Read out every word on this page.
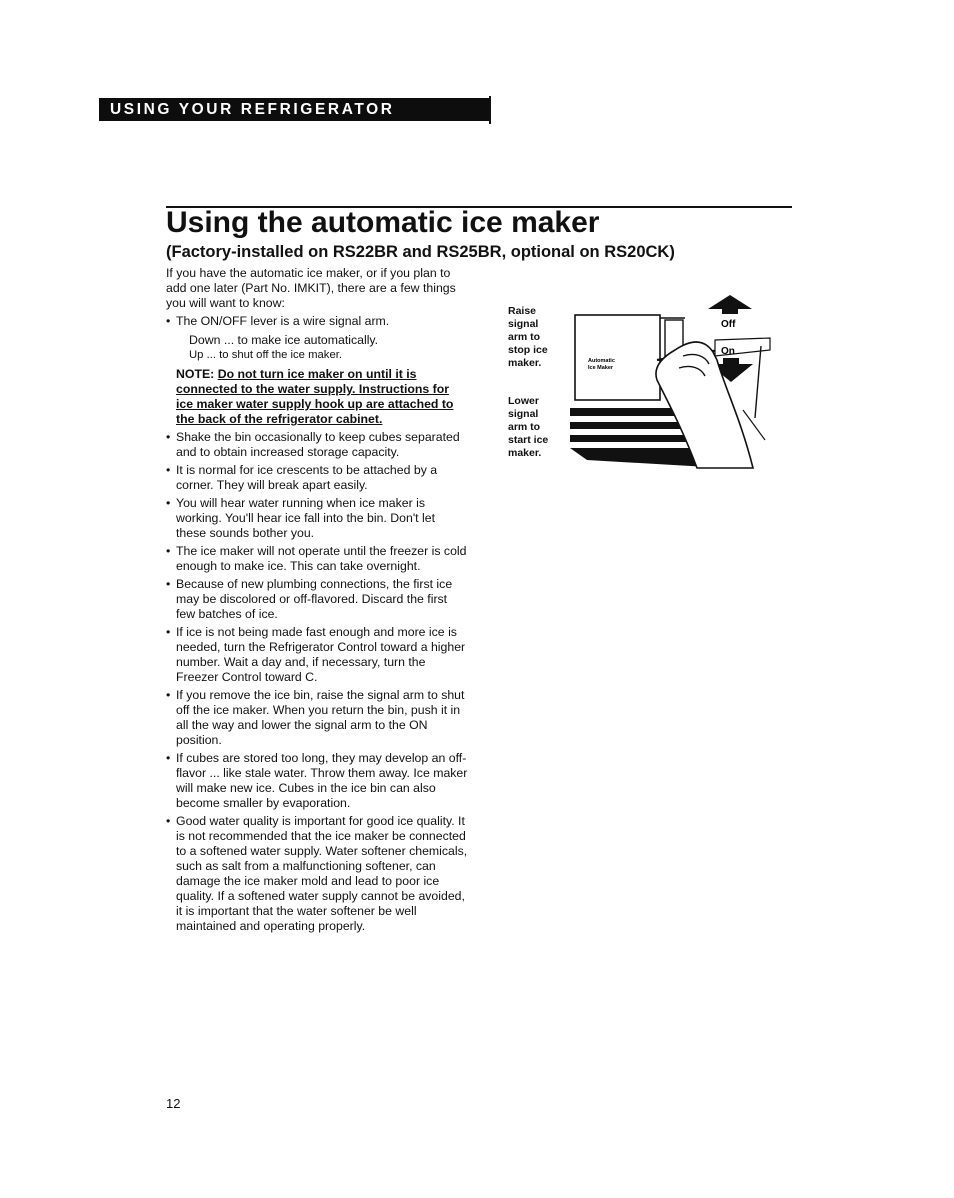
USING YOUR REFRIGERATOR
Using the automatic ice maker
(Factory-installed on RS22BR and RS25BR, optional on RS20CK)

If you have the automatic ice maker, or if you plan to add one later (Part No. IMKIT), there are a few things you will want to know:

• The ON/OFF lever is a wire signal arm.
Down ... to make ice automatically.
Up ... to shut off the ice maker.
NOTE: Do not turn ice maker on until it is connected to the water supply. Instructions for ice maker water supply hook up are attached to the back of the refrigerator cabinet.
• Shake the bin occasionally to keep cubes separated and to obtain increased storage capacity.
• It is normal for ice crescents to be attached by a corner. They will break apart easily.
• You will hear water running when ice maker is working. You'll hear ice fall into the bin. Don't let these sounds bother you.
• The ice maker will not operate until the freezer is cold enough to make ice. This can take overnight.
• Because of new plumbing connections, the first ice may be discolored or off-flavored. Discard the first few batches of ice.
• If ice is not being made fast enough and more ice is needed, turn the Refrigerator Control toward a higher number. Wait a day and, if necessary, turn the Freezer Control toward C.
• If you remove the ice bin, raise the signal arm to shut off the ice maker. When you return the bin, push it in all the way and lower the signal arm to the ON position.
• If cubes are stored too long, they may develop an off-flavor ... like stale water. Throw them away. Ice maker will make new ice. Cubes in the ice bin can also become smaller by evaporation.
• Good water quality is important for good ice quality. It is not recommended that the ice maker be connected to a softened water supply. Water softener chemicals, such as salt from a malfunctioning softener, can damage the ice maker mold and lead to poor ice quality. If a softened water supply cannot be avoided, it is important that the water softener be well maintained and operating properly.
Raise
signal
arm to
stop ice
maker.
Lower
signal
arm to
start ice
maker.
Automatic
Ice Maker
Off
On
12
